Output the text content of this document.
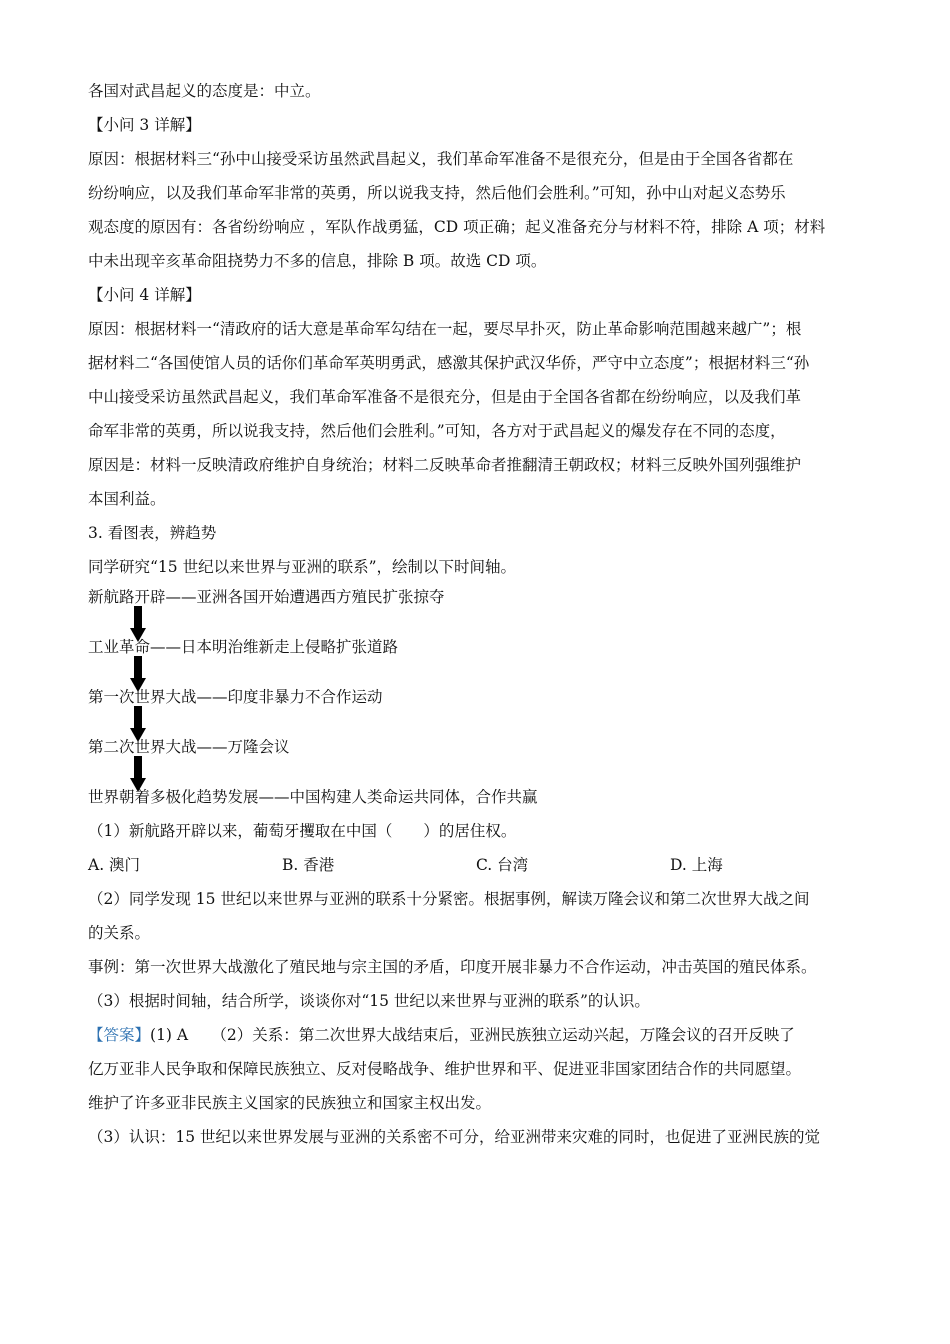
各国对武昌起义的态度是：中立。
【小问 3 详解】
原因：根据材料三“孙中山接受采访虽然武昌起义，我们革命军准备不是很充分，但是由于全国各省都在
纷纷响应，以及我们革命军非常的英勇，所以说我支持，然后他们会胜利。”可知，孙中山对起义态势乐
观态度的原因有：各省纷纷响应 ，军队作战勇猛，CD 项正确；起义准备充分与材料不符，排除 A 项；材料
中未出现辛亥革命阻挠势力不多的信息，排除 B 项。故选 CD 项。
【小问 4 详解】
原因：根据材料一“清政府的话大意是革命军勾结在一起，要尽早扑灭，防止革命影响范围越来越广”；根
据材料二“各国使馆人员的话你们革命军英明勇武，感激其保护武汉华侨，严守中立态度”；根据材料三“孙
中山接受采访虽然武昌起义，我们革命军准备不是很充分，但是由于全国各省都在纷纷响应，以及我们革
命军非常的英勇，所以说我支持，然后他们会胜利。”可知，各方对于武昌起义的爆发存在不同的态度，
原因是：材料一反映清政府维护自身统治；材料二反映革命者推翻清王朝政权；材料三反映外国列强维护
本国利益。
3. 看图表，辨趋势
同学研究“15 世纪以来世界与亚洲的联系”，绘制以下时间轴。
新航路开辟——亚洲各国开始遭遇西方殖民扩张掠夺
工业革命——日本明治维新走上侵略扩张道路
第一次世界大战——印度非暴力不合作运动
第二次世界大战——万隆会议
世界朝着多极化趋势发展——中国构建人类命运共同体，合作共赢
（1）新航路开辟以来，葡萄牙攫取在中国（　　）的居住权。
A. 澳门	B. 香港	C. 台湾	D. 上海
（2）同学发现 15 世纪以来世界与亚洲的联系十分紧密。根据事例，解读万隆会议和第二次世界大战之间
的关系。
事例：第一次世界大战激化了殖民地与宗主国的矛盾，印度开展非暴力不合作运动，冲击英国的殖民体系。
（3）根据时间轴，结合所学，谈谈你对“15 世纪以来世界与亚洲的联系”的认识。
【答案】(1) A　　（2）关系：第二次世界大战结束后，亚洲民族独立运动兴起，万隆会议的召开反映了
亿万亚非人民争取和保障民族独立、反对侵略战争、维护世界和平、促进亚非国家团结合作的共同愿望。
维护了许多亚非民族主义国家的民族独立和国家主权出发。
（3）认识：15 世纪以来世界发展与亚洲的关系密不可分，给亚洲带来灾难的同时，也促进了亚洲民族的觉
